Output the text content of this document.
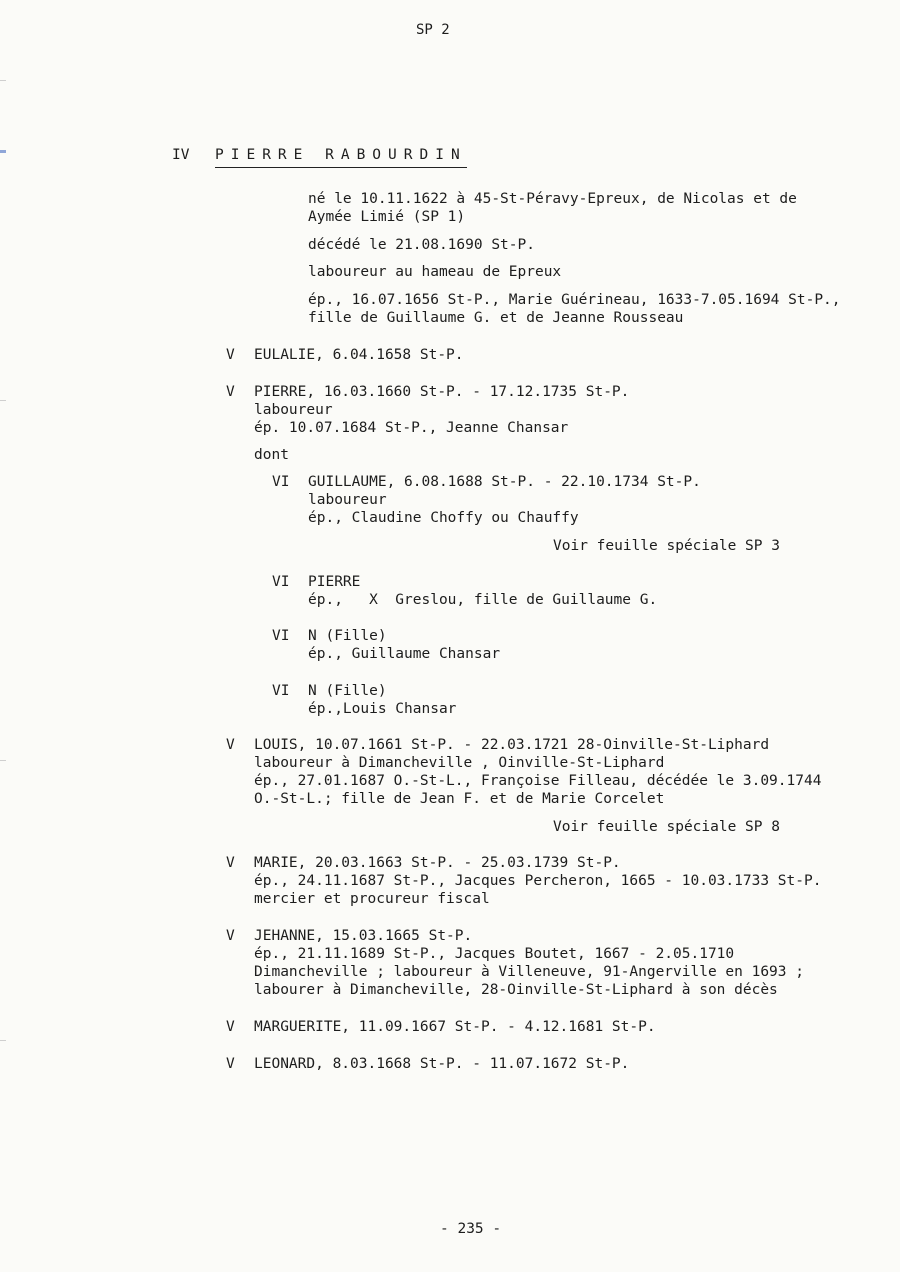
SP 2
IV PIERRE RABOURDIN
né le 10.11.1622 à 45-St-Péravy-Epreux, de Nicolas et de
Aymée Limié (SP 1)
décédé le 21.08.1690 St-P.
laboureur au hameau de Epreux
ép., 16.07.1656 St-P., Marie Guérineau, 1633-7.05.1694 St-P.,
fille de Guillaume G. et de Jeanne Rousseau
V EULALIE, 6.04.1658 St-P.
V PIERRE, 16.03.1660 St-P. - 17.12.1735 St-P.
laboureur
ép. 10.07.1684 St-P., Jeanne Chansar
dont
VI GUILLAUME, 6.08.1688 St-P. - 22.10.1734 St-P.
laboureur
ép., Claudine Choffy ou Chauffy
Voir feuille spéciale SP 3
VI PIERRE
ép.,   X  Greslou, fille de Guillaume G.
VI N (Fille)
ép., Guillaume Chansar
VI N (Fille)
ép.,Louis Chansar
V LOUIS, 10.07.1661 St-P. - 22.03.1721 28-Oinville-St-Liphard
laboureur à Dimancheville , Oinville-St-Liphard
ép., 27.01.1687 O.-St-L., Françoise Filleau, décédée le 3.09.1744
O.-St-L.; fille de Jean F. et de Marie Corcelet
Voir feuille spéciale SP 8
V MARIE, 20.03.1663 St-P. - 25.03.1739 St-P.
ép., 24.11.1687 St-P., Jacques Percheron, 1665 - 10.03.1733 St-P.
mercier et procureur fiscal
V JEHANNE, 15.03.1665 St-P.
ép., 21.11.1689 St-P., Jacques Boutet, 1667 - 2.05.1710
Dimancheville ; laboureur à Villeneuve, 91-Angerville en 1693 ;
labourer à Dimancheville, 28-Oinville-St-Liphard à son décès
V MARGUERITE, 11.09.1667 St-P. - 4.12.1681 St-P.
V LEONARD, 8.03.1668 St-P. - 11.07.1672 St-P.
- 235 -
